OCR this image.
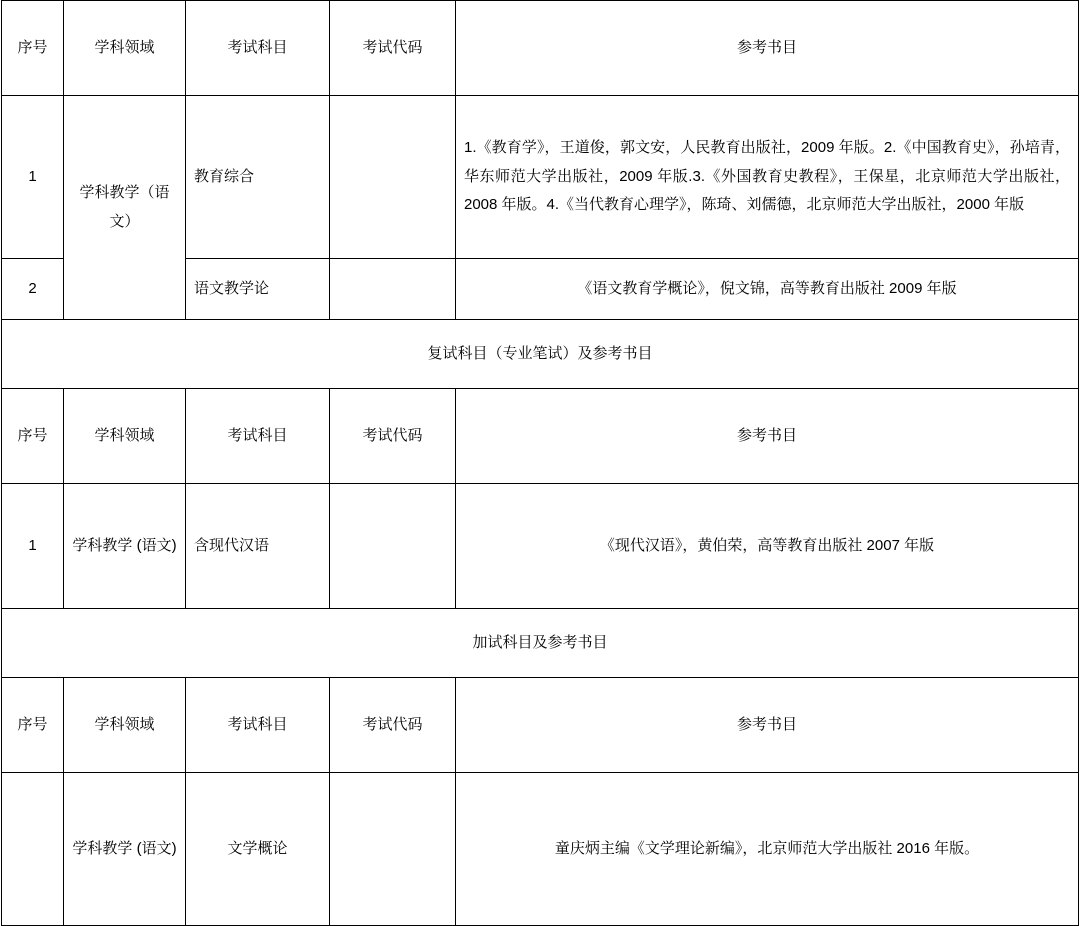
序号	学科领域	考试科目	考试代码	参考书目
1	学科教学（语文）	教育综合		1.《教育学》，王道俊，郭文安，人民教育出版社，2009 年版。2.《中国教育史》，孙培青，华东师范大学出版社，2009 年版.3.《外国教育史教程》，王保星，北京师范大学出版社，2008 年版。4.《当代教育心理学》，陈琦、刘儒德，北京师范大学出版社，2000 年版
2		语文教学论		《语文教育学概论》，倪文锦，高等教育出版社 2009 年版
复试科目（专业笔试）及参考书目				
序号	学科领域	考试科目	考试代码	参考书目
1	学科教学 (语文)	含现代汉语		《现代汉语》，黄伯荣，高等教育出版社 2007 年版
加试科目及参考书目				
序号	学科领域	考试科目	考试代码	参考书目
	学科教学 (语文)	文学概论		童庆炳主编《文学理论新编》，北京师范大学出版社 2016 年版。
